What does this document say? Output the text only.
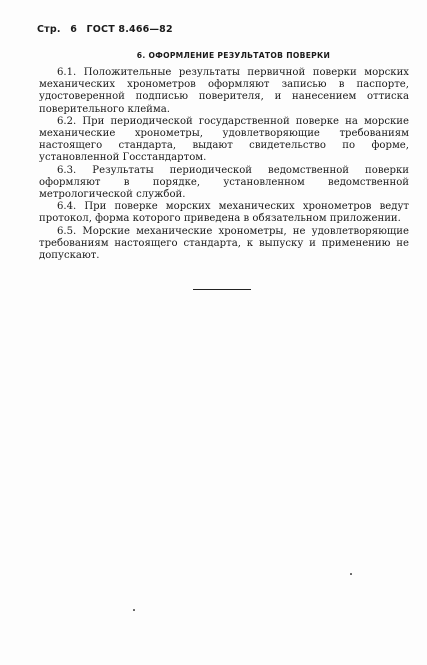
Стр. 6 ГОСТ 8.466—82
6. ОФОРМЛЕНИЕ РЕЗУЛЬТАТОВ ПОВЕРКИ

6.1. Положительные результаты первичной поверки морских механических хронометров оформляют записью в паспорте, удостоверенной подписью поверителя, и нанесением оттиска поверительного клейма.

6.2. При периодической государственной поверке на морские механические хронометры, удовлетворяющие требованиям настоящего стандарта, выдают свидетельство по форме, установленной Госстандартом.

6.3. Результаты периодической ведомственной поверки оформляют в порядке, установленном ведомственной метрологической службой.

6.4. При поверке морских механических хронометров ведут протокол, форма которого приведена в обязательном приложении.

6.5. Морские механические хронометры, не удовлетворяющие требованиям настоящего стандарта, к выпуску и применению не допускают.
